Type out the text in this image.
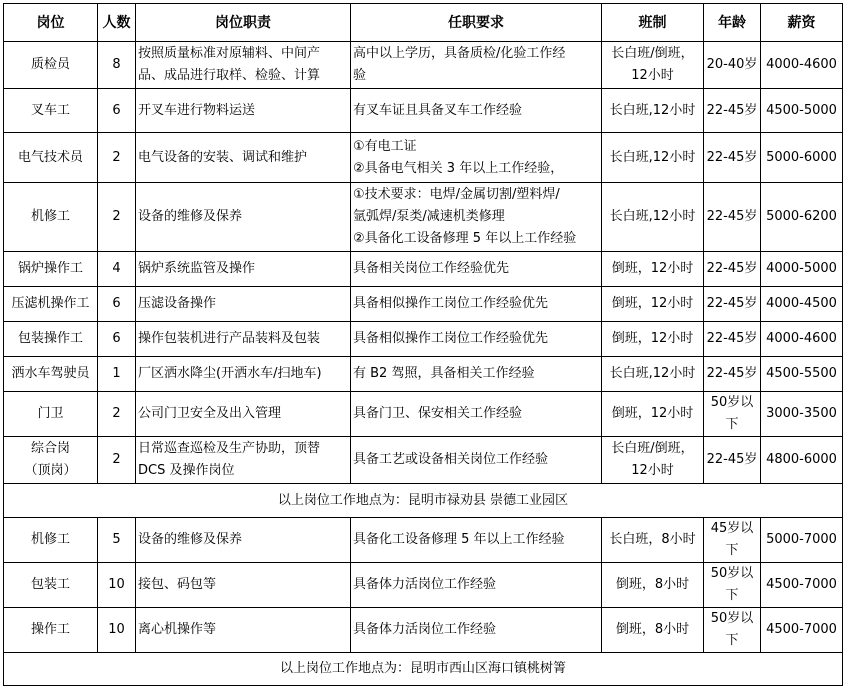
岗位	人数	岗位职责	任职要求	班制	年龄	薪资

质检员	8	按照质量标准对原辅料、中间产
品、成品进行取样、检验、计算	高中以上学历，具备质检/化验工作经
验	长白班/倒班，
12小时	20-40岁	4000-4600

叉车工	6	开叉车进行物料运送	有叉车证且具备叉车工作经验	长白班,12小时	22-45岁	4500-5000

电气技术员	2	电气设备的安装、调试和维护	①有电工证
②具备电气相关 3 年以上工作经验，	长白班,12小时	22-45岁	5000-6000

机修工	2	设备的维修及保养	①技术要求：电焊/金属切割/塑料焊/
氩弧焊/泵类/减速机类修理
②具备化工设备修理 5 年以上工作经验	长白班,12小时	22-45岁	5000-6200

锅炉操作工	4	锅炉系统监管及操作	具备相关岗位工作经验优先	倒班，12小时	22-45岁	4000-5000

压滤机操作工	6	压滤设备操作	具备相似操作工岗位工作经验优先	倒班，12小时	22-45岁	4000-4500

包装操作工	6	操作包装机进行产品装料及包装	具备相似操作工岗位工作经验优先	倒班，12小时	22-45岁	4000-4600

洒水车驾驶员	1	厂区洒水降尘(开洒水车/扫地车)	有 B2 驾照，具备相关工作经验	长白班,12小时	22-45岁	4500-5500

门卫	2	公司门卫安全及出入管理	具备门卫、保安相关工作经验	倒班，12小时	50岁以下	3000-3500

综合岗
（顶岗）	2	日常巡查巡检及生产协助，顶替
DCS 及操作岗位	具备工艺或设备相关岗位工作经验	长白班/倒班，
12小时	22-45岁	4800-6000
以上岗位工作地点为：昆明市禄劝县 崇德工业园区						

机修工	5	设备的维修及保养	具备化工设备修理 5 年以上工作经验	长白班，8小时	45岁以下	5000-7000

包装工	10	接包、码包等	具备体力活岗位工作经验	倒班，8小时	50岁以下	4500-7000

操作工	10	离心机操作等	具备体力活岗位工作经验	倒班，8小时	50岁以下	4500-7000
以上岗位工作地点为：昆明市西山区海口镇桃树箐						
